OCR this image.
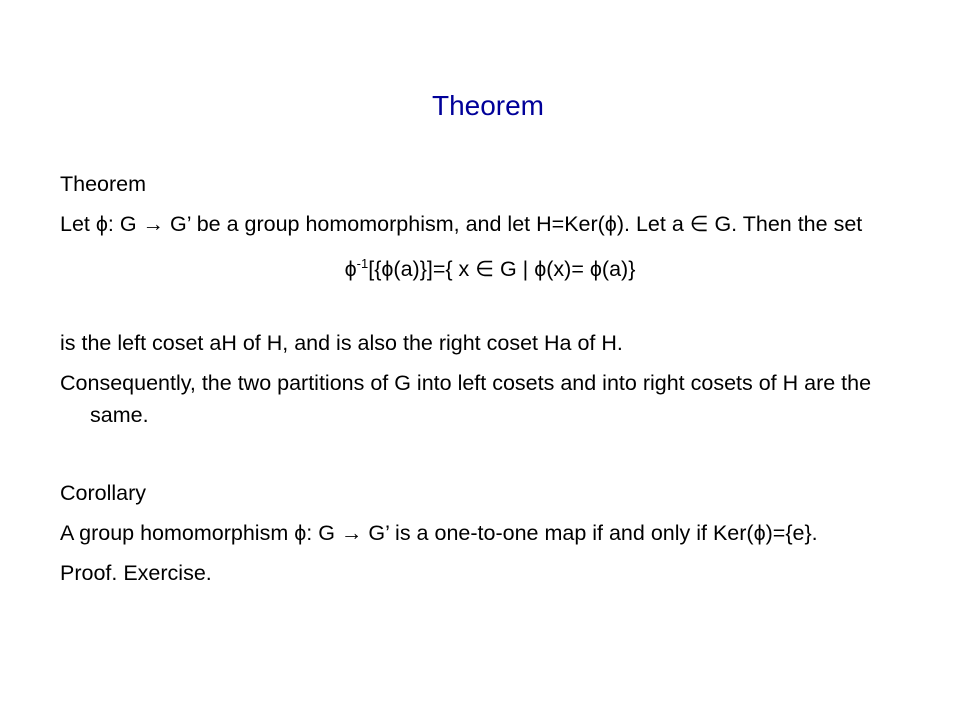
Theorem

Theorem

Let ϕ: G → G’ be a group homomorphism, and let H=Ker(ϕ). Let a ∈ G. Then the set

$\phi^{-1}[\{\phi(a)\}]=${ x ∈ G | ϕ(x)= ϕ(a)}

is the left coset aH of H, and is also the right coset Ha of H.

Consequently, the two partitions of G into left cosets and into right cosets of H are the same.

Corollary

A group homomorphism ϕ: G → G’ is a one-to-one map if and only if Ker(ϕ)={e}.

Proof. Exercise.
